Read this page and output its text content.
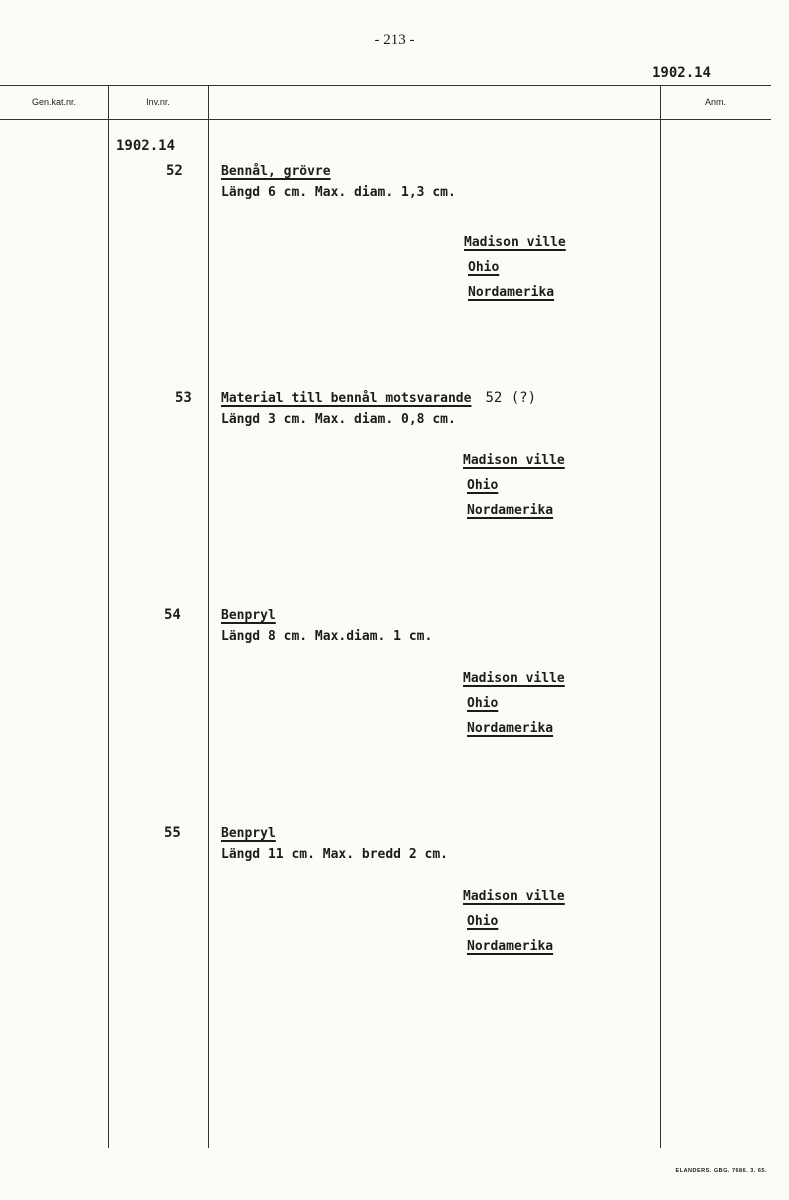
- 213 -
1902.14
Gen.kat.nr.	Inv.nr.	Anm.
1902.14
52	Bennål, grövre
Längd 6 cm. Max. diam. 1,3 cm.
Madison ville
Ohio
Nordamerika
53 Material till bennål motsvarande 52 (?)
Längd 3 cm. Max. diam. 0,8 cm.
Madison ville
Ohio
Nordamerika
54	Benpryl
Längd 8 cm. Max.diam. 1 cm.
Madison ville
Ohio
Nordamerika
55	Benpryl
Längd 11 cm. Max. bredd 2 cm.
Madison ville
Ohio
Nordamerika
ELANDERS. GBG. 7686. 3. 65.
